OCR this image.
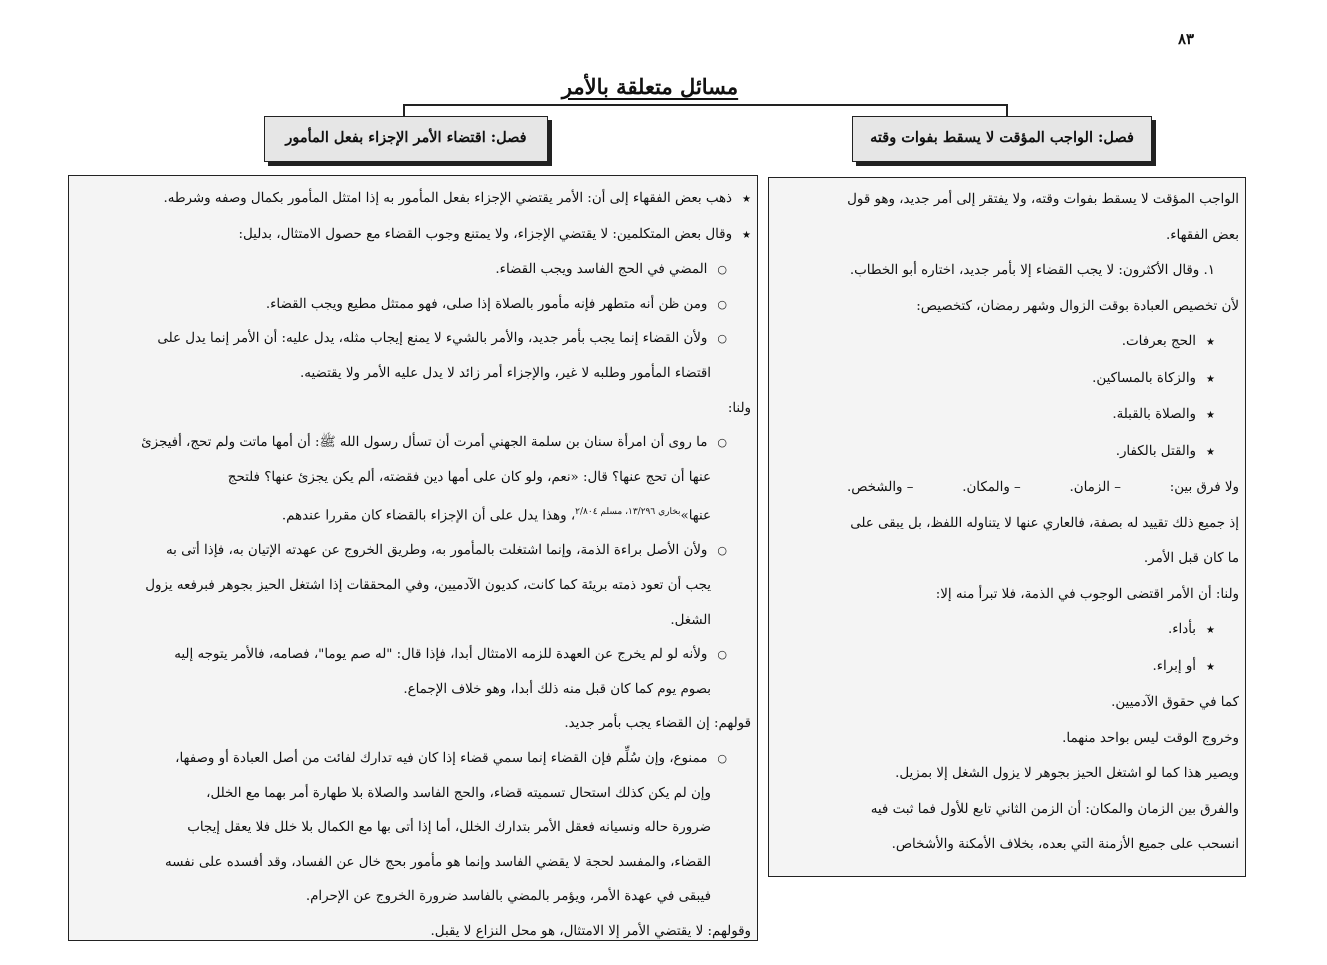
٨٣
مسائل متعلقة بالأمر
فصل: الواجب المؤقت لا يسقط بفوات وقته
فصل: اقتضاء الأمر الإجزاء بفعل المأمور
الواجب المؤقت لا يسقط بفوات وقته، ولا يفتقر إلى أمر جديد، وهو قول
بعض الفقهاء.
١. وقال الأكثرون: لا يجب القضاء إلا بأمر جديد، اختاره أبو الخطاب.
لأن تخصيص العبادة بوقت الزوال وشهر رمضان، كتخصيص:
★ الحج بعرفات.
★ والزكاة بالمساكين.
★ والصلاة بالقبلة.
★ والقتل بالكفار.
ولا فرق بين:
– الزمان.
– والمكان.
– والشخص.
إذ جميع ذلك تقييد له بصفة، فالعاري عنها لا يتناوله اللفظ، بل يبقى على
ما كان قبل الأمر.
ولنا: أن الأمر اقتضى الوجوب في الذمة، فلا تبرأ منه إلا:
★ بأداء.
★ أو إبراء.
كما في حقوق الآدميين.
وخروج الوقت ليس بواحد منهما.
ويصير هذا كما لو اشتغل الحيز بجوهر لا يزول الشغل إلا بمزيل.
والفرق بين الزمان والمكان: أن الزمن الثاني تابع للأول فما ثبت فيه
انسحب على جميع الأزمنة التي بعده، بخلاف الأمكنة والأشخاص.
★ ذهب بعض الفقهاء إلى أن: الأمر يقتضي الإجزاء بفعل المأمور به إذا امتثل المأمور بكمال وصفه وشرطه.
★ وقال بعض المتكلمين: لا يقتضي الإجزاء، ولا يمتنع وجوب القضاء مع حصول الامتثال، بدليل:
○ المضي في الحج الفاسد ويجب القضاء.
○ ومن ظن أنه متطهر فإنه مأمور بالصلاة إذا صلى، فهو ممتثل مطيع ويجب القضاء.
○ ولأن القضاء إنما يجب بأمر جديد، والأمر بالشيء لا يمنع إيجاب مثله، يدل عليه: أن الأمر إنما يدل على
اقتضاء المأمور وطلبه لا غير، والإجزاء أمر زائد لا يدل عليه الأمر ولا يقتضيه.
ولنا:
○ ما روى أن امرأة سنان بن سلمة الجهني أمرت أن تسأل رسول الله ﷺ: أن أمها ماتت ولم تحج، أفيجزئ
عنها أن تحج عنها؟ قال: «نعم، ولو كان على أمها دين فقضته، ألم يكن يجزئ عنها؟ فلتحج
عنها»$^{بخاري ١٣/٢٩٦، مسلم ٢/٨٠٤}$، وهذا يدل على أن الإجزاء بالقضاء كان مقررا عندهم.
○ ولأن الأصل براءة الذمة، وإنما اشتغلت بالمأمور به، وطريق الخروج عن عهدته الإتيان به، فإذا أتى به
يجب أن تعود ذمته بريئة كما كانت، كديون الآدميين، وفي المحققات إذا اشتغل الحيز بجوهر فبرفعه يزول
الشغل.
○ ولأنه لو لم يخرج عن العهدة للزمه الامتثال أبدا، فإذا قال: "له صم يوما"، فصامه، فالأمر يتوجه إليه
بصوم يوم كما كان قبل منه ذلك أبدا، وهو خلاف الإجماع.
قولهم: إن القضاء يجب بأمر جديد.
○ ممنوع، وإن سُلِّم فإن القضاء إنما سمي قضاء إذا كان فيه تدارك لفائت من أصل العبادة أو وصفها،
وإن لم يكن كذلك استحال تسميته قضاء، والحج الفاسد والصلاة بلا طهارة أمر بهما مع الخلل،
ضرورة حاله ونسيانه فعقل الأمر بتدارك الخلل، أما إذا أتى بها مع الكمال بلا خلل فلا يعقل إيجاب
القضاء، والمفسد لحجة لا يقضي الفاسد وإنما هو مأمور بحج خال عن الفساد، وقد أفسده على نفسه
فيبقى في عهدة الأمر، ويؤمر بالمضي بالفاسد ضرورة الخروج عن الإحرام.
وقولهم: لا يقتضي الأمر إلا الامتثال، هو محل النزاع لا يقبل.
